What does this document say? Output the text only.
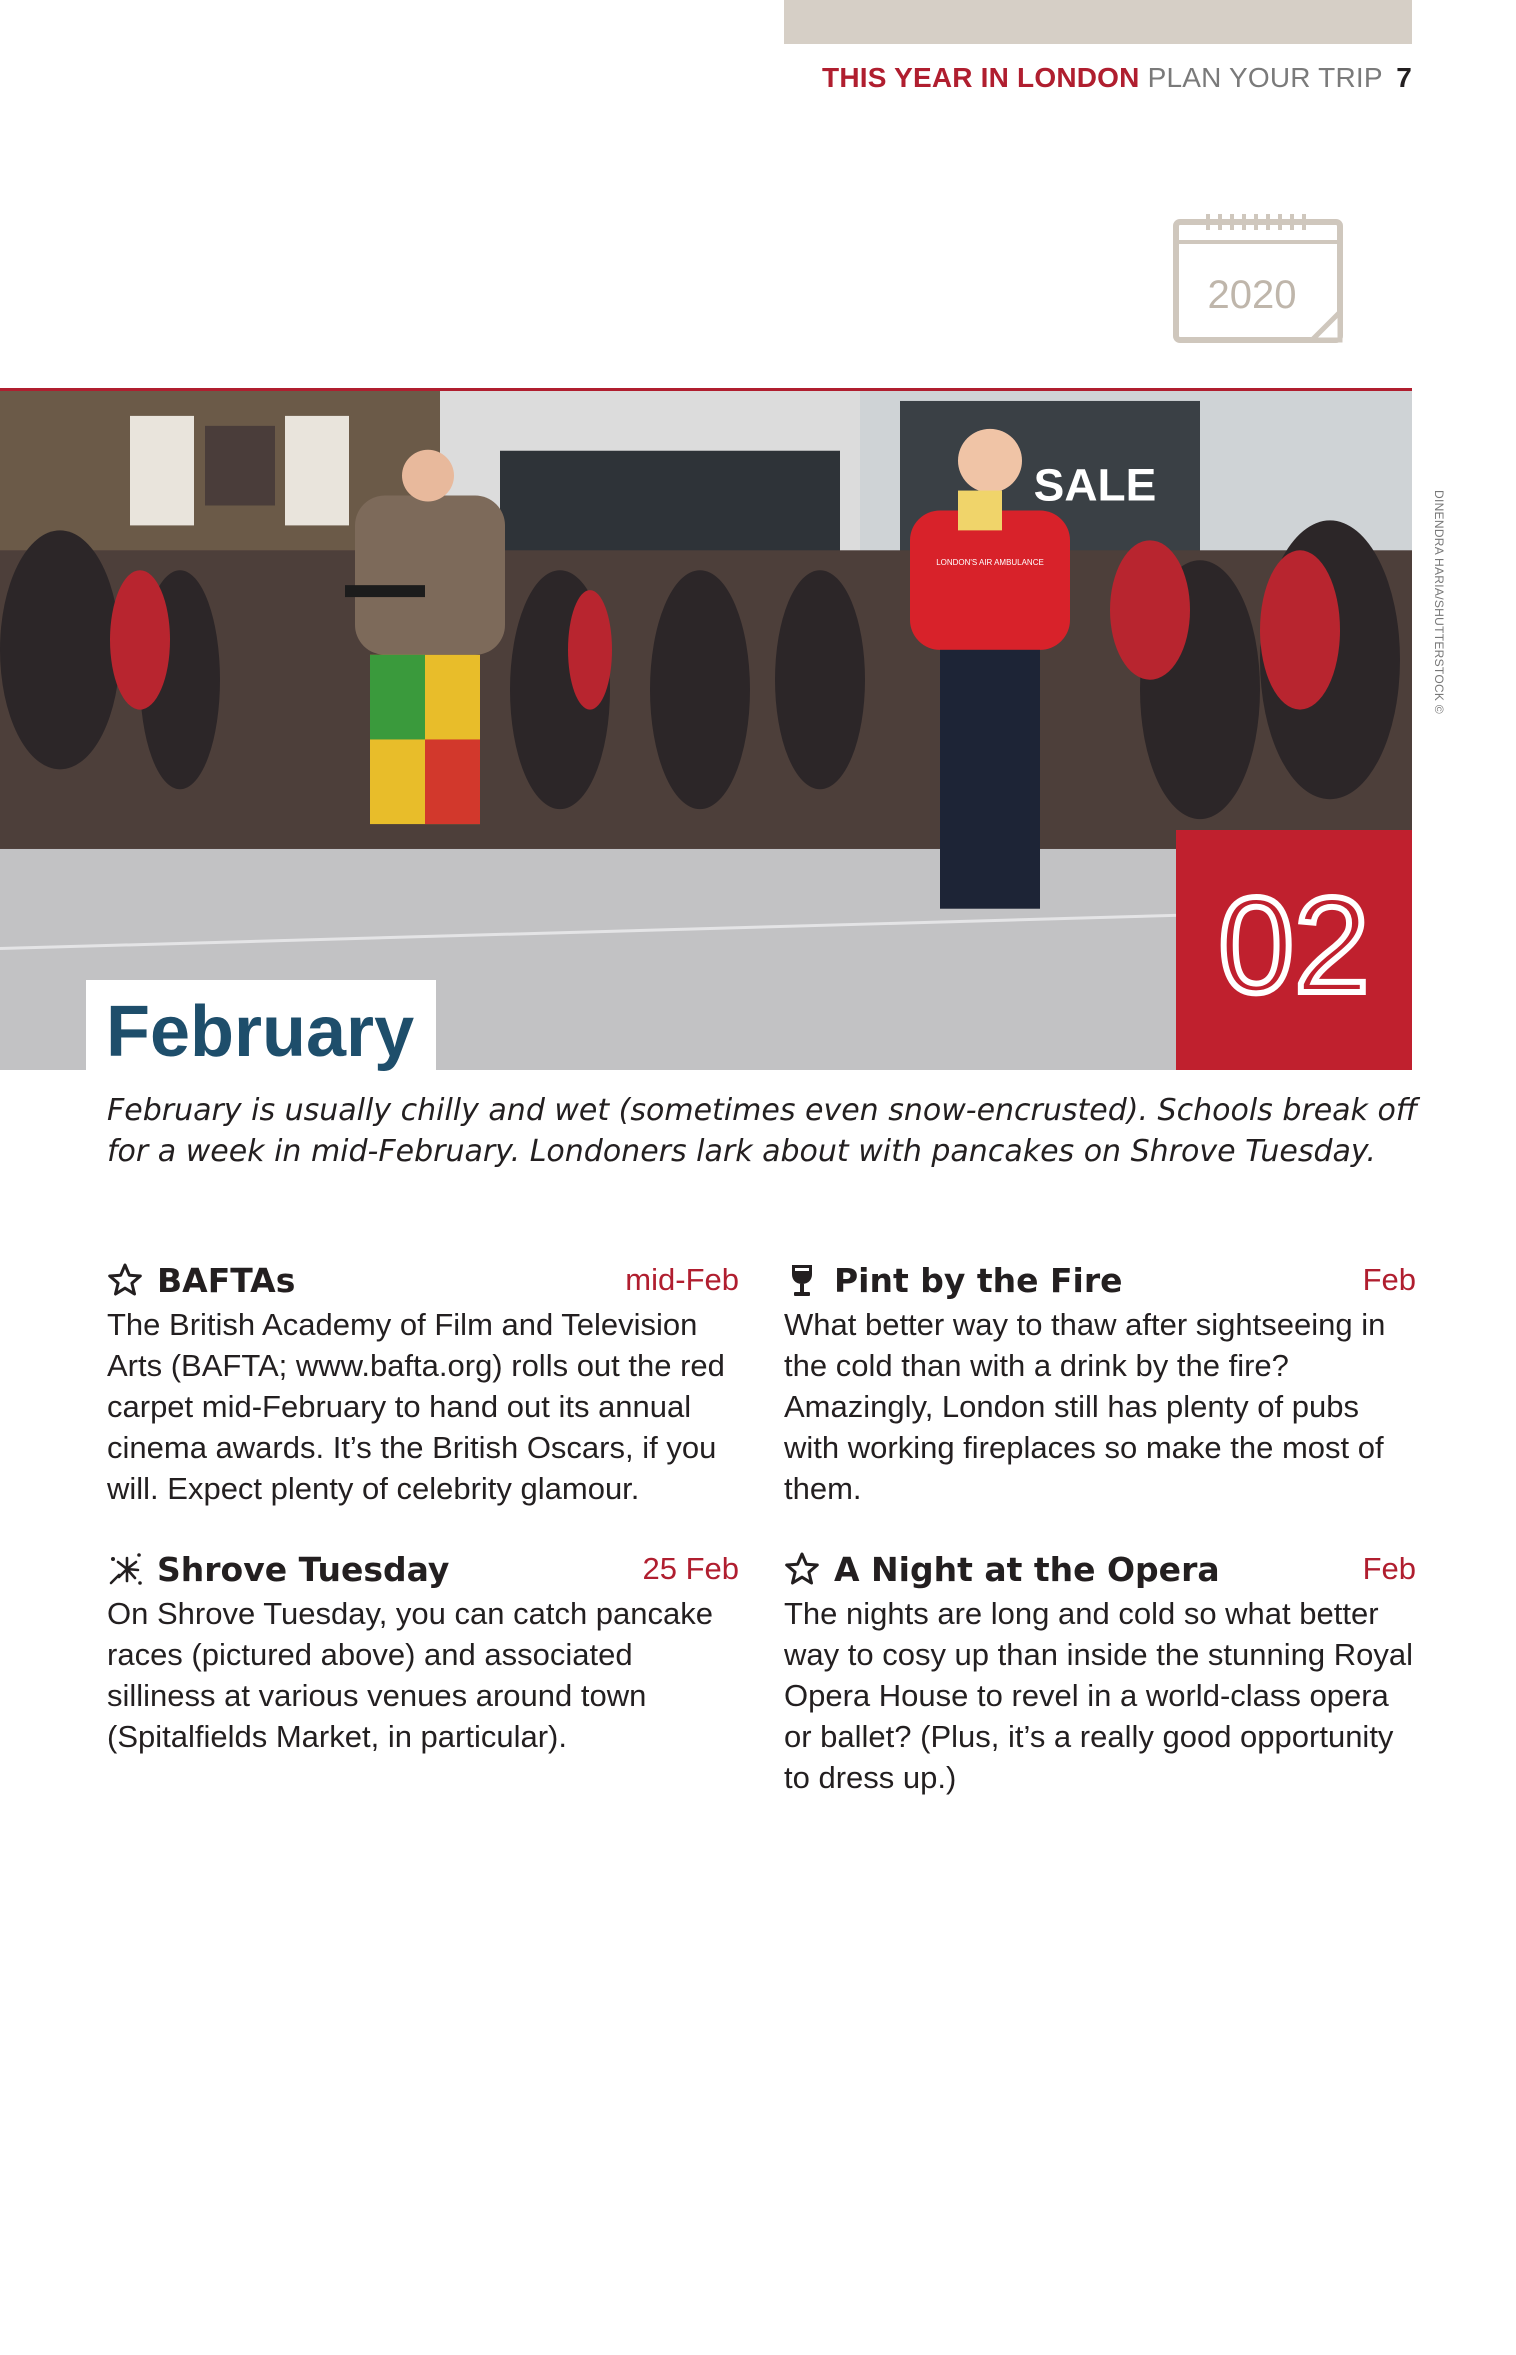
THIS YEAR IN LONDON PLAN YOUR TRIP 7
2020
SALE
LONDON'S AIR AMBULANCE	DINENDRA HARIA/SHUTTERSTOCK ©
02
February
February is usually chilly and wet (sometimes even snow-encrusted). Schools break off for a week in mid-February. Londoners lark about with pancakes on Shrove Tuesday.
BAFTAs	mid-Feb
The British Academy of Film and Television Arts (BAFTA; www.bafta.org) rolls out the red carpet mid-February to hand out its annual cinema awards. It’s the British Oscars, if you will. Expect plenty of celebrity glamour.
Shrove Tuesday	25 Feb
On Shrove Tuesday, you can catch pancake races (pictured above) and associated silliness at various venues around town (Spitalfields Market, in particular).
Pint by the Fire	Feb
What better way to thaw after sightseeing in the cold than with a drink by the fire? Amazingly, London still has plenty of pubs with working fireplaces so make the most of them.
A Night at the Opera	Feb
The nights are long and cold so what better way to cosy up than inside the stunning Royal Opera House to revel in a world-class opera or ballet? (Plus, it’s a really good opportunity to dress up.)
